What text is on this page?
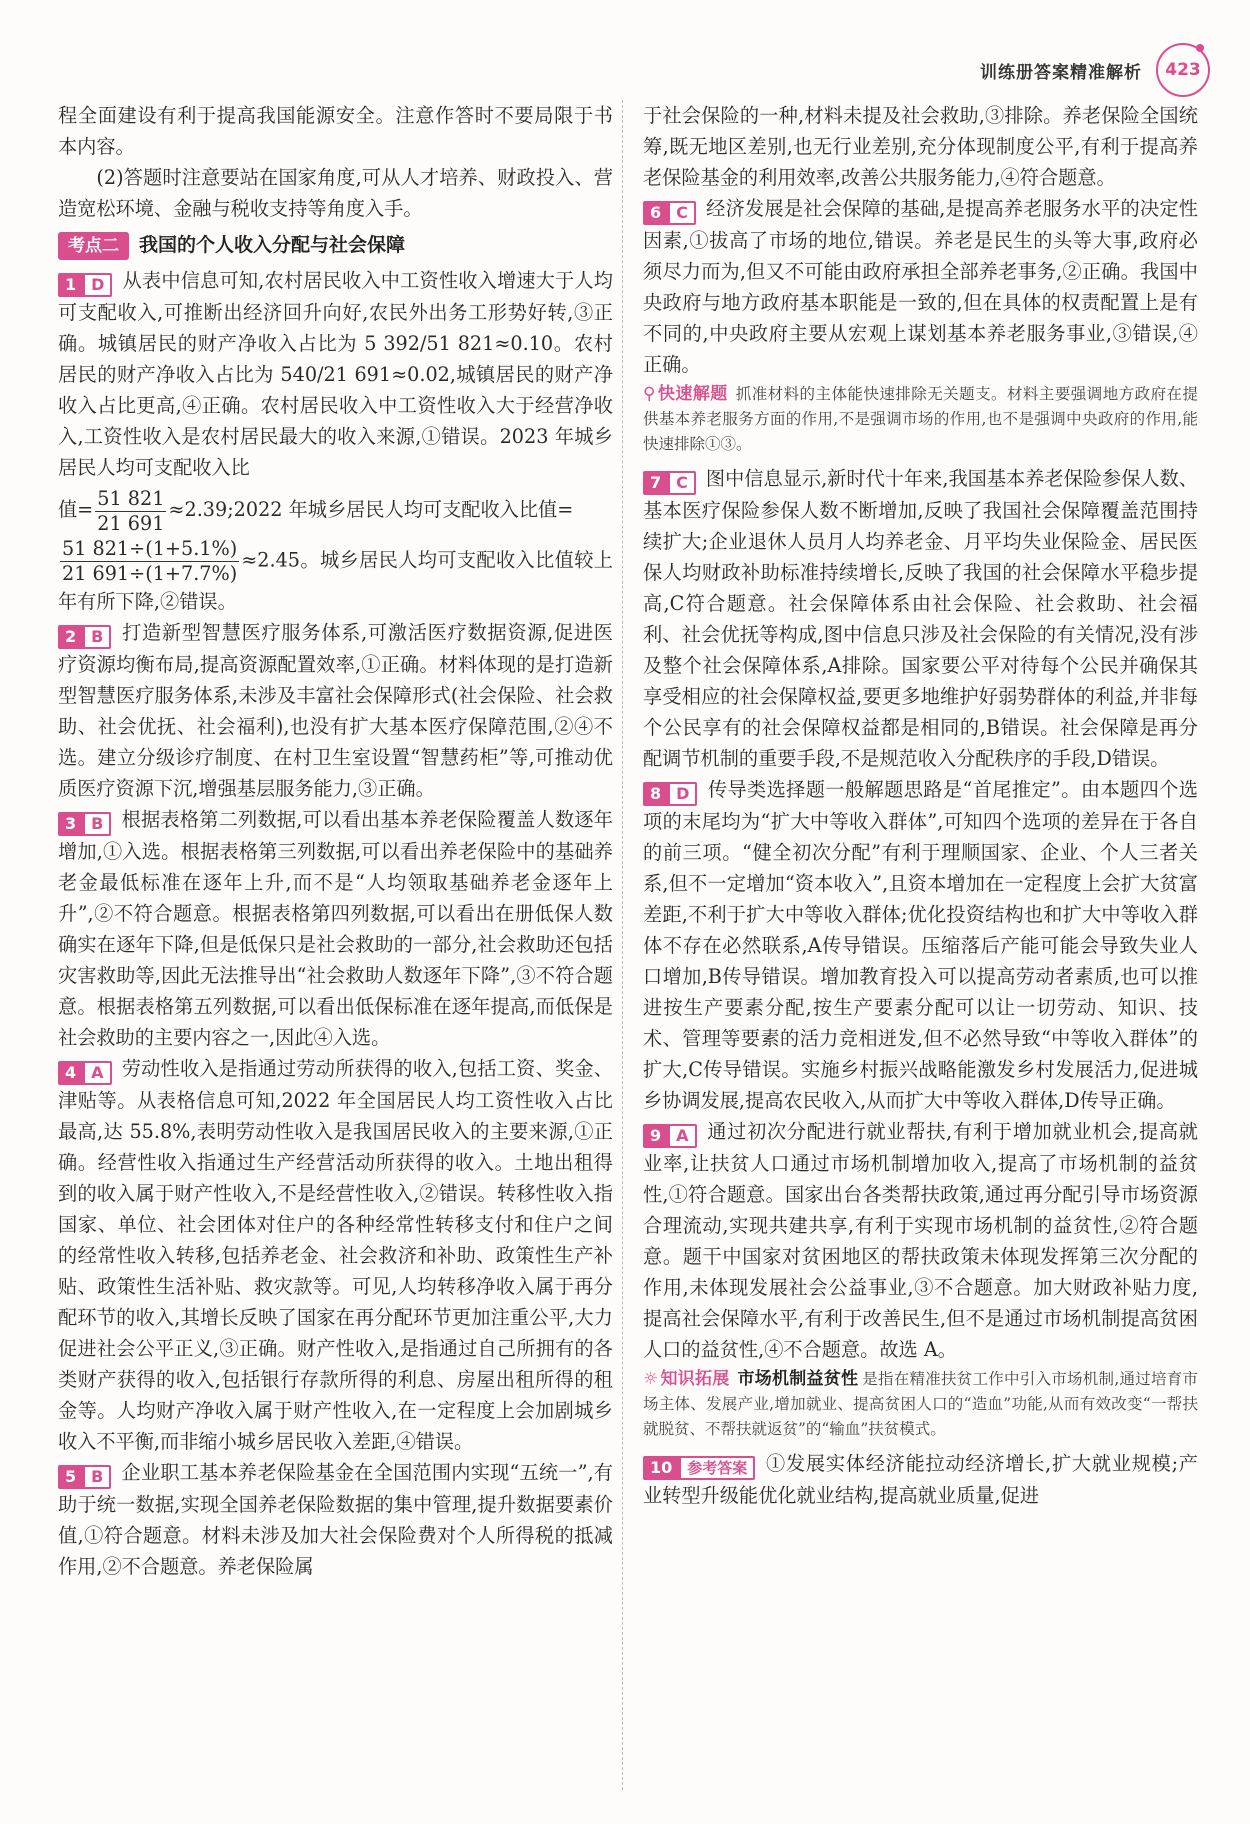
训练册答案精准解析	423

程全面建设有利于提高我国能源安全。注意作答时不要局限于书本内容。

(2)答题时注意要站在国家角度,可从人才培养、财政投入、营造宽松环境、金融与税收支持等角度入手。

考点二	我国的个人收入分配与社会保障

1 D 从表中信息可知,农村居民收入中工资性收入增速大于人均可支配收入,可推断出经济回升向好,农民外出务工形势好转,③正确。城镇居民的财产净收入占比为 5 392/51 821≈0.10。农村居民的财产净收入占比为 540/21 691≈0.02,城镇居民的财产净收入占比更高,④正确。农村居民收入中工资性收入大于经营净收入,工资性收入是农村居民最大的收入来源,①错误。2023 年城乡居民人均可支配收入比

值= $\frac{51 821}{21 691}$ ≈2.39;2022 年城乡居民人均可支配收入比值=

$\frac{51 821\div(1+5.1\%)}{21 691\div(1+7.7\%)} \approx 2.45$。城乡居民人均可支配收入比值较上年有所下降,②错误。

2 B 打造新型智慧医疗服务体系,可激活医疗数据资源,促进医疗资源均衡布局,提高资源配置效率,①正确。材料体现的是打造新型智慧医疗服务体系,未涉及丰富社会保障形式(社会保险、社会救助、社会优抚、社会福利),也没有扩大基本医疗保障范围,②④不选。建立分级诊疗制度、在村卫生室设置“智慧药柜”等,可推动优质医疗资源下沉,增强基层服务能力,③正确。

3 B 根据表格第二列数据,可以看出基本养老保险覆盖人数逐年增加,①入选。根据表格第三列数据,可以看出养老保险中的基础养老金最低标准在逐年上升,而不是“人均领取基础养老金逐年上升”,②不符合题意。根据表格第四列数据,可以看出在册低保人数确实在逐年下降,但是低保只是社会救助的一部分,社会救助还包括灾害救助等,因此无法推导出“社会救助人数逐年下降”,③不符合题意。根据表格第五列数据,可以看出低保标准在逐年提高,而低保是社会救助的主要内容之一,因此④入选。

4 A 劳动性收入是指通过劳动所获得的收入,包括工资、奖金、津贴等。从表格信息可知,2022 年全国居民人均工资性收入占比最高,达 55.8%,表明劳动性收入是我国居民收入的主要来源,①正确。经营性收入指通过生产经营活动所获得的收入。土地出租得到的收入属于财产性收入,不是经营性收入,②错误。转移性收入指国家、单位、社会团体对住户的各种经常性转移支付和住户之间的经常性收入转移,包括养老金、社会救济和补助、政策性生产补贴、政策性生活补贴、救灾款等。可见,人均转移净收入属于再分配环节的收入,其增长反映了国家在再分配环节更加注重公平,大力促进社会公平正义,③正确。财产性收入,是指通过自己所拥有的各类财产获得的收入,包括银行存款所得的利息、房屋出租所得的租金等。人均财产净收入属于财产性收入,在一定程度上会加剧城乡收入不平衡,而非缩小城乡居民收入差距,④错误。

5 B 企业职工基本养老保险基金在全国范围内实现“五统一”,有助于统一数据,实现全国养老保险数据的集中管理,提升数据要素价值,①符合题意。材料未涉及加大社会保险费对个人所得税的抵减作用,②不合题意。养老保险属

于社会保险的一种,材料未提及社会救助,③排除。养老保险全国统筹,既无地区差别,也无行业差别,充分体现制度公平,有利于提高养老保险基金的利用效率,改善公共服务能力,④符合题意。

6 C 经济发展是社会保障的基础,是提高养老服务水平的决定性因素,①拔高了市场的地位,错误。养老是民生的头等大事,政府必须尽力而为,但又不可能由政府承担全部养老事务,②正确。我国中央政府与地方政府基本职能是一致的,但在具体的权责配置上是有不同的,中央政府主要从宏观上谋划基本养老服务事业,③错误,④正确。

⚲ 快速解题 抓准材料的主体能快速排除无关题支。材料主要强调地方政府在提供基本养老服务方面的作用,不是强调市场的作用,也不是强调中央政府的作用,能快速排除①③。

7 C 图中信息显示,新时代十年来,我国基本养老保险参保人数、基本医疗保险参保人数不断增加,反映了我国社会保障覆盖范围持续扩大;企业退休人员月人均养老金、月平均失业保险金、居民医保人均财政补助标准持续增长,反映了我国的社会保障水平稳步提高,C符合题意。社会保障体系由社会保险、社会救助、社会福利、社会优抚等构成,图中信息只涉及社会保险的有关情况,没有涉及整个社会保障体系,A排除。国家要公平对待每个公民并确保其享受相应的社会保障权益,要更多地维护好弱势群体的利益,并非每个公民享有的社会保障权益都是相同的,B错误。社会保障是再分配调节机制的重要手段,不是规范收入分配秩序的手段,D错误。

8 D 传导类选择题一般解题思路是“首尾推定”。由本题四个选项的末尾均为“扩大中等收入群体”,可知四个选项的差异在于各自的前三项。“健全初次分配”有利于理顺国家、企业、个人三者关系,但不一定增加“资本收入”,且资本增加在一定程度上会扩大贫富差距,不利于扩大中等收入群体;优化投资结构也和扩大中等收入群体不存在必然联系,A传导错误。压缩落后产能可能会导致失业人口增加,B传导错误。增加教育投入可以提高劳动者素质,也可以推进按生产要素分配,按生产要素分配可以让一切劳动、知识、技术、管理等要素的活力竞相迸发,但不必然导致“中等收入群体”的扩大,C传导错误。实施乡村振兴战略能激发乡村发展活力,促进城乡协调发展,提高农民收入,从而扩大中等收入群体,D传导正确。

9 A 通过初次分配进行就业帮扶,有利于增加就业机会,提高就业率,让扶贫人口通过市场机制增加收入,提高了市场机制的益贫性,①符合题意。国家出台各类帮扶政策,通过再分配引导市场资源合理流动,实现共建共享,有利于实现市场机制的益贫性,②符合题意。题干中国家对贫困地区的帮扶政策未体现发挥第三次分配的作用,未体现发展社会公益事业,③不合题意。加大财政补贴力度,提高社会保障水平,有利于改善民生,但不是通过市场机制提高贫困人口的益贫性,④不合题意。故选 A。

☼ 知识拓展 市场机制益贫性 是指在精准扶贫工作中引入市场机制,通过培育市场主体、发展产业,增加就业、提高贫困人口的“造血”功能,从而有效改变“一帮扶就脱贫、不帮扶就返贫”的“输血”扶贫模式。

10	参考答案 ①发展实体经济能拉动经济增长,扩大就业规模;产业转型升级能优化就业结构,提高就业质量,促进
